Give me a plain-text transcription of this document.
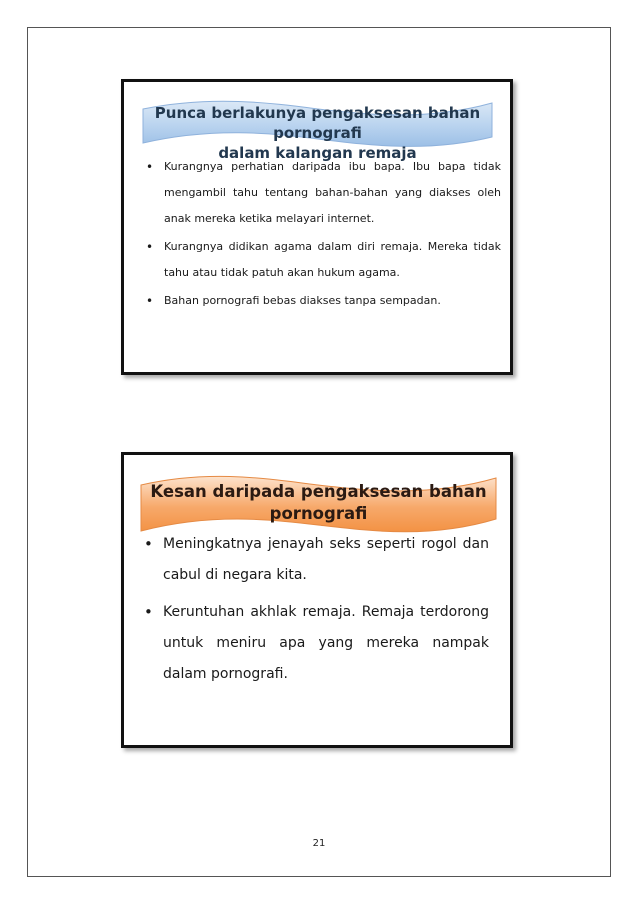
Punca berlakunya pengaksesan bahan pornografi
dalam kalangan remaja
• Kurangnya perhatian daripada ibu bapa. Ibu bapa tidak mengambil tahu tentang bahan-bahan yang diakses oleh anak mereka ketika melayari internet.
• Kurangnya didikan agama dalam diri remaja. Mereka tidak tahu atau tidak patuh akan hukum agama.
• Bahan pornografi bebas diakses tanpa sempadan.
Kesan daripada pengaksesan bahan
pornografi
• Meningkatnya jenayah seks seperti rogol dan cabul di negara kita.
• Keruntuhan akhlak remaja. Remaja terdorong untuk meniru apa yang mereka nampak dalam pornografi.
21
